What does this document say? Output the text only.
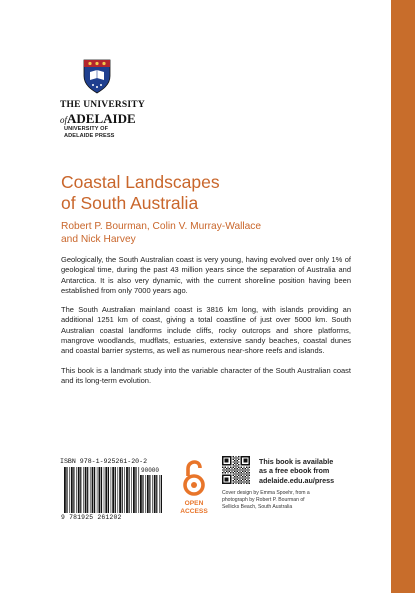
THE UNIVERSITY
ofADELAIDE
UNIVERSITY OF
ADELAIDE PRESS
Coastal Landscapes
of South Australia
Robert P. Bourman, Colin V. Murray-Wallace
and Nick Harvey

Geologically, the South Australian coast is very young, having evolved over only 1% of geological time, during the past 43 million years since the separation of Australia and Antarctica. It is also very dynamic, with the current shoreline position having been established from only 7000 years ago.

The South Australian mainland coast is 3816 km long, with islands providing an additional 1251 km of coast, giving a total coastline of just over 5000 km. South Australian coastal landforms include cliffs, rocky outcrops and shore platforms, mangrove woodlands, mudflats, estuaries, extensive sandy beaches, coastal dunes and coastal barrier systems, as well as numerous near-shore reefs and islands.

This book is a landmark study into the variable character of the South Australian coast and its long-term evolution.

ISBN 978-1-925261-20-2
90000
9 781925 261202
OPEN
ACCESS
This book is available
as a free ebook from
adelaide.edu.au/press
Cover design by Emma Spoehr, from a
photograph by Robert P. Bourman of
Sellicks Beach, South Australia
